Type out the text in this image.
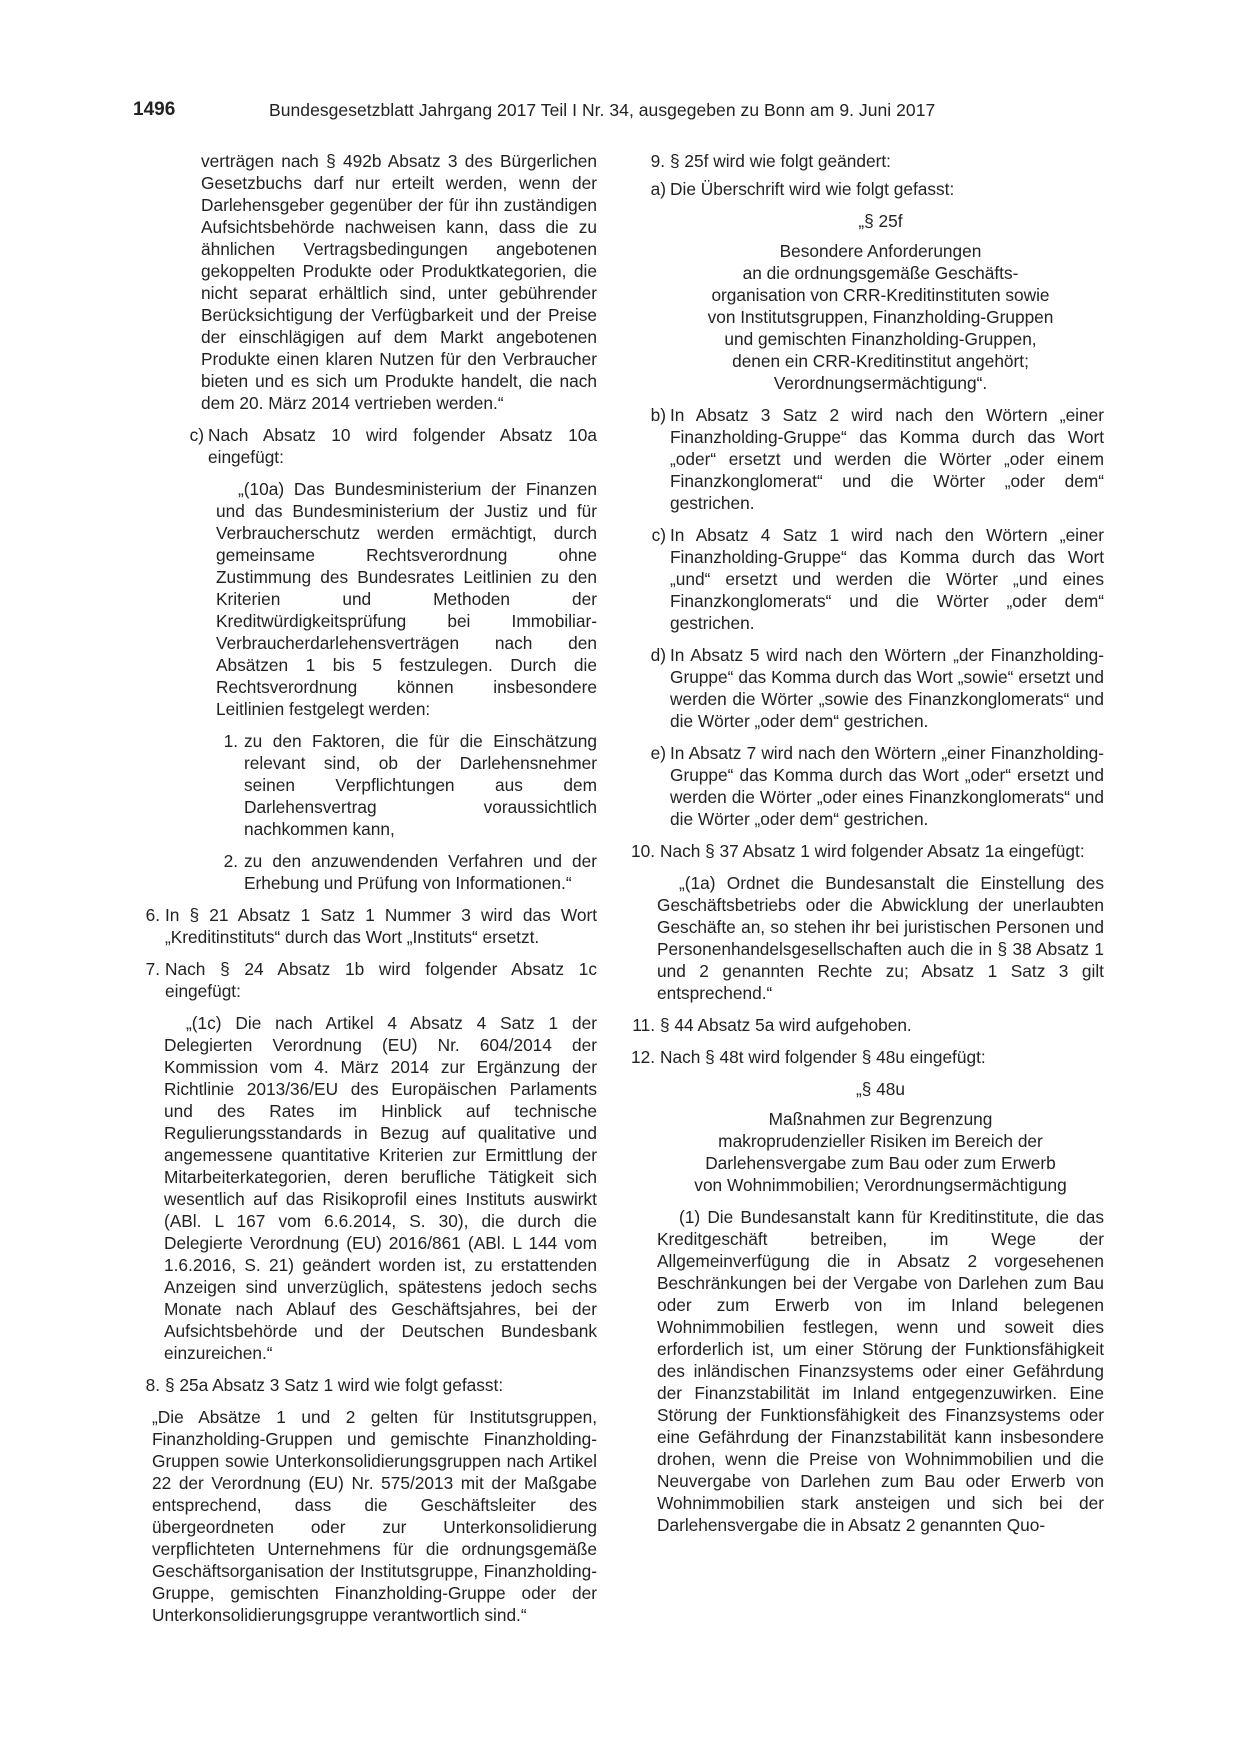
1496	Bundesgesetzblatt Jahrgang 2017 Teil I Nr. 34, ausgegeben zu Bonn am 9. Juni 2017
verträgen nach § 492b Absatz 3 des Bürgerlichen Gesetzbuchs darf nur erteilt werden, wenn der Darlehensgeber gegenüber der für ihn zuständigen Aufsichtsbehörde nachweisen kann, dass die zu ähnlichen Vertragsbedingungen angebotenen gekoppelten Produkte oder Produktkategorien, die nicht separat erhältlich sind, unter gebührender Berücksichtigung der Verfügbarkeit und der Preise der einschlägigen auf dem Markt angebotenen Produkte einen klaren Nutzen für den Verbraucher bieten und es sich um Produkte handelt, die nach dem 20. März 2014 vertrieben werden.“
c) Nach Absatz 10 wird folgender Absatz 10a eingefügt:
„(10a) Das Bundesministerium der Finanzen und das Bundesministerium der Justiz und für Verbraucherschutz werden ermächtigt, durch gemeinsame Rechtsverordnung ohne Zustimmung des Bundesrates Leitlinien zu den Kriterien und Methoden der Kreditwürdigkeitsprüfung bei Immobiliar-Verbraucherdarlehensverträgen nach den Absätzen 1 bis 5 festzulegen. Durch die Rechtsverordnung können insbesondere Leitlinien festgelegt werden:
1. zu den Faktoren, die für die Einschätzung relevant sind, ob der Darlehensnehmer seinen Verpflichtungen aus dem Darlehensvertrag voraussichtlich nachkommen kann,
2. zu den anzuwendenden Verfahren und der Erhebung und Prüfung von Informationen.“
6. In § 21 Absatz 1 Satz 1 Nummer 3 wird das Wort „Kreditinstituts“ durch das Wort „Instituts“ ersetzt.
7. Nach § 24 Absatz 1b wird folgender Absatz 1c eingefügt:
„(1c) Die nach Artikel 4 Absatz 4 Satz 1 der Delegierten Verordnung (EU) Nr. 604/2014 der Kommission vom 4. März 2014 zur Ergänzung der Richtlinie 2013/36/EU des Europäischen Parlaments und des Rates im Hinblick auf technische Regulierungsstandards in Bezug auf qualitative und angemessene quantitative Kriterien zur Ermittlung der Mitarbeiterkategorien, deren berufliche Tätigkeit sich wesentlich auf das Risikoprofil eines Instituts auswirkt (ABl. L 167 vom 6.6.2014, S. 30), die durch die Delegierte Verordnung (EU) 2016/861 (ABl. L 144 vom 1.6.2016, S. 21) geändert worden ist, zu erstattenden Anzeigen sind unverzüglich, spätestens jedoch sechs Monate nach Ablauf des Geschäftsjahres, bei der Aufsichtsbehörde und der Deutschen Bundesbank einzureichen.“
8. § 25a Absatz 3 Satz 1 wird wie folgt gefasst:
„Die Absätze 1 und 2 gelten für Institutsgruppen, Finanzholding-Gruppen und gemischte Finanzholding-Gruppen sowie Unterkonsolidierungsgruppen nach Artikel 22 der Verordnung (EU) Nr. 575/2013 mit der Maßgabe entsprechend, dass die Geschäftsleiter des übergeordneten oder zur Unterkonsolidierung verpflichteten Unternehmens für die ordnungsgemäße Geschäftsorganisation der Institutsgruppe, Finanzholding-Gruppe, gemischten Finanzholding-Gruppe oder der Unterkonsolidierungsgruppe verantwortlich sind.“
9. § 25f wird wie folgt geändert:
a) Die Überschrift wird wie folgt gefasst:
„§ 25f
Besondere Anforderungen
an die ordnungsgemäße Geschäfts-
organisation von CRR-Kreditinstituten sowie
von Institutsgruppen, Finanzholding-Gruppen
und gemischten Finanzholding-Gruppen,
denen ein CRR-Kreditinstitut angehört;
Verordnungsermächtigung“.
b) In Absatz 3 Satz 2 wird nach den Wörtern „einer Finanzholding-Gruppe“ das Komma durch das Wort „oder“ ersetzt und werden die Wörter „oder einem Finanzkonglomerat“ und die Wörter „oder dem“ gestrichen.
c) In Absatz 4 Satz 1 wird nach den Wörtern „einer Finanzholding-Gruppe“ das Komma durch das Wort „und“ ersetzt und werden die Wörter „und eines Finanzkonglomerats“ und die Wörter „oder dem“ gestrichen.
d) In Absatz 5 wird nach den Wörtern „der Finanzholding-Gruppe“ das Komma durch das Wort „sowie“ ersetzt und werden die Wörter „sowie des Finanzkonglomerats“ und die Wörter „oder dem“ gestrichen.
e) In Absatz 7 wird nach den Wörtern „einer Finanzholding-Gruppe“ das Komma durch das Wort „oder“ ersetzt und werden die Wörter „oder eines Finanzkonglomerats“ und die Wörter „oder dem“ gestrichen.
10. Nach § 37 Absatz 1 wird folgender Absatz 1a eingefügt:
„(1a) Ordnet die Bundesanstalt die Einstellung des Geschäftsbetriebs oder die Abwicklung der unerlaubten Geschäfte an, so stehen ihr bei juristischen Personen und Personenhandelsgesellschaften auch die in § 38 Absatz 1 und 2 genannten Rechte zu; Absatz 1 Satz 3 gilt entsprechend.“
11. § 44 Absatz 5a wird aufgehoben.
12. Nach § 48t wird folgender § 48u eingefügt:
„§ 48u
Maßnahmen zur Begrenzung
makroprudenzieller Risiken im Bereich der
Darlehensvergabe zum Bau oder zum Erwerb
von Wohnimmobilien; Verordnungsermächtigung
(1) Die Bundesanstalt kann für Kreditinstitute, die das Kreditgeschäft betreiben, im Wege der Allgemeinverfügung die in Absatz 2 vorgesehenen Beschränkungen bei der Vergabe von Darlehen zum Bau oder zum Erwerb von im Inland belegenen Wohnimmobilien festlegen, wenn und soweit dies erforderlich ist, um einer Störung der Funktionsfähigkeit des inländischen Finanzsystems oder einer Gefährdung der Finanzstabilität im Inland entgegenzuwirken. Eine Störung der Funktionsfähigkeit des Finanzsystems oder eine Gefährdung der Finanzstabilität kann insbesondere drohen, wenn die Preise von Wohnimmobilien und die Neuvergabe von Darlehen zum Bau oder Erwerb von Wohnimmobilien stark ansteigen und sich bei der Darlehensvergabe die in Absatz 2 genannten Quo-
